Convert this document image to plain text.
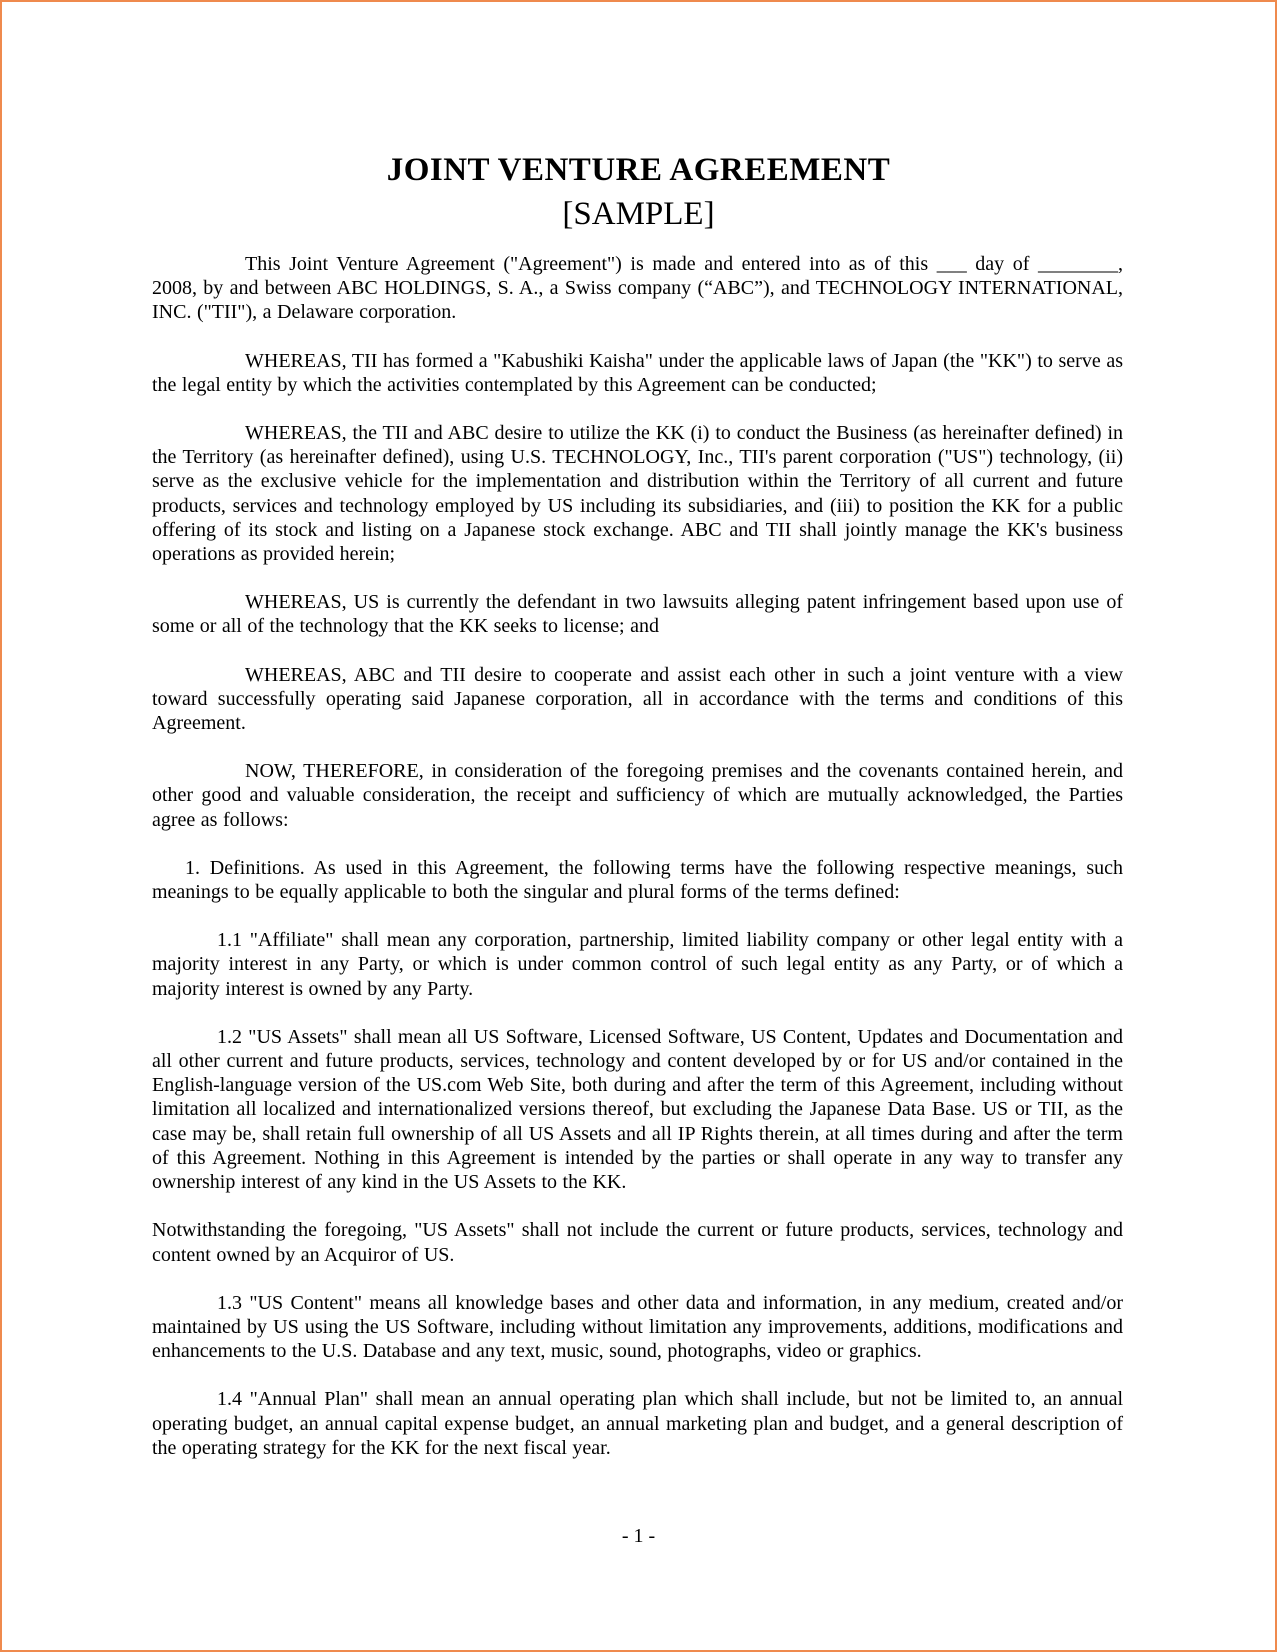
JOINT VENTURE AGREEMENT
[SAMPLE]

This Joint Venture Agreement ("Agreement") is made and entered into as of this ___ day of ________, 2008, by and between ABC HOLDINGS, S. A., a Swiss company (“ABC”), and TECHNOLOGY INTERNATIONAL, INC. ("TII"), a Delaware corporation.

WHEREAS, TII has formed a "Kabushiki Kaisha" under the applicable laws of Japan (the "KK") to serve as the legal entity by which the activities contemplated by this Agreement can be conducted;

WHEREAS, the TII and ABC desire to utilize the KK (i) to conduct the Business (as hereinafter defined) in the Territory (as hereinafter defined), using U.S. TECHNOLOGY, Inc., TII's parent corporation ("US") technology, (ii) serve as the exclusive vehicle for the implementation and distribution within the Territory of all current and future products, services and technology employed by US including its subsidiaries, and (iii) to position the KK for a public offering of its stock and listing on a Japanese stock exchange. ABC and TII shall jointly manage the KK's business operations as provided herein;

WHEREAS, US is currently the defendant in two lawsuits alleging patent infringement based upon use of some or all of the technology that the KK seeks to license; and

WHEREAS, ABC and TII desire to cooperate and assist each other in such a joint venture with a view toward successfully operating said Japanese corporation, all in accordance with the terms and conditions of this Agreement.

NOW, THEREFORE, in consideration of the foregoing premises and the covenants contained herein, and other good and valuable consideration, the receipt and sufficiency of which are mutually acknowledged, the Parties agree as follows:

1. Definitions. As used in this Agreement, the following terms have the following respective meanings, such meanings to be equally applicable to both the singular and plural forms of the terms defined:

1.1 "Affiliate" shall mean any corporation, partnership, limited liability company or other legal entity with a majority interest in any Party, or which is under common control of such legal entity as any Party, or of which a majority interest is owned by any Party.

1.2 "US Assets" shall mean all US Software, Licensed Software, US Content, Updates and Documentation and all other current and future products, services, technology and content developed by or for US and/or contained in the English-language version of the US.com Web Site, both during and after the term of this Agreement, including without limitation all localized and internationalized versions thereof, but excluding the Japanese Data Base. US or TII, as the case may be, shall retain full ownership of all US Assets and all IP Rights therein, at all times during and after the term of this Agreement. Nothing in this Agreement is intended by the parties or shall operate in any way to transfer any ownership interest of any kind in the US Assets to the KK.

Notwithstanding the foregoing, "US Assets" shall not include the current or future products, services, technology and content owned by an Acquiror of US.

1.3 "US Content" means all knowledge bases and other data and information, in any medium, created and/or maintained by US using the US Software, including without limitation any improvements, additions, modifications and enhancements to the U.S. Database and any text, music, sound, photographs, video or graphics.

1.4 "Annual Plan" shall mean an annual operating plan which shall include, but not be limited to, an annual operating budget, an annual capital expense budget, an annual marketing plan and budget, and a general description of the operating strategy for the KK for the next fiscal year.

- 1 -
